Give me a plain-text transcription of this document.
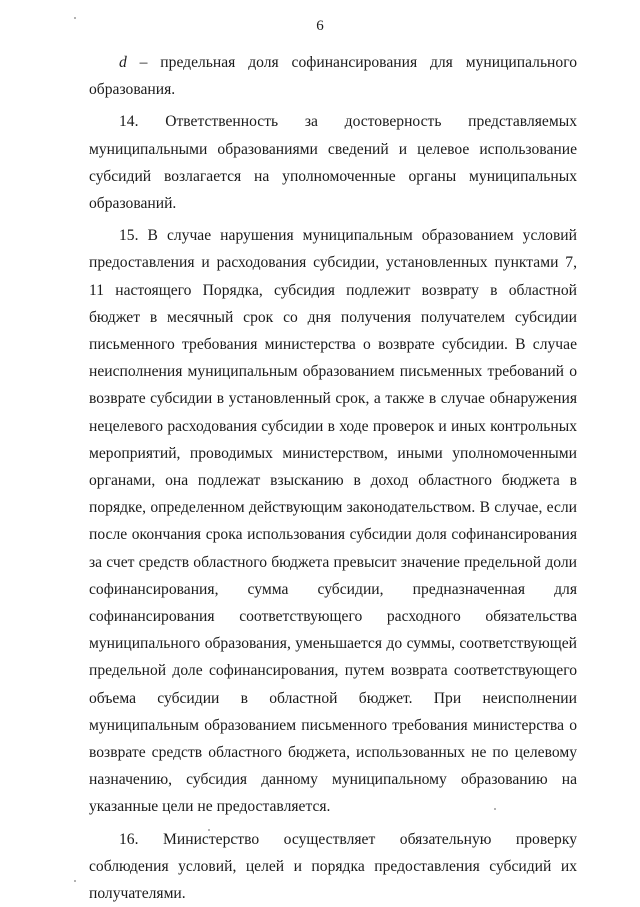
6

d – предельная доля софинансирования для муниципального образования.

14. Ответственность за достоверность представляемых муниципальными образованиями сведений и целевое использование субсидий возлагается на уполномоченные органы муниципальных образований.

15. В случае нарушения муниципальным образованием условий предоставления и расходования субсидии, установленных пунктами 7, 11 настоящего Порядка, субсидия подлежит возврату в областной бюджет в месячный срок со дня получения получателем субсидии письменного требования министерства о возврате субсидии. В случае неисполнения муниципальным образованием письменных требований о возврате субсидии в установленный срок, а также в случае обнаружения нецелевого расходования субсидии в ходе проверок и иных контрольных мероприятий, проводимых министерством, иными уполномоченными органами, она подлежат взысканию в доход областного бюджета в порядке, определенном действующим законодательством. В случае, если после окончания срока использования субсидии доля софинансирования за счет средств областного бюджета превысит значение предельной доли софинансирования, сумма субсидии, предназначенная для софинансирования соответствующего расходного обязательства муниципального образования, уменьшается до суммы, соответствующей предельной доле софинансирования, путем возврата соответствующего объема субсидии в областной бюджет. При неисполнении муниципальным образованием письменного требования министерства о возврате средств областного бюджета, использованных не по целевому назначению, субсидия данному муниципальному образованию на указанные цели не предоставляется.

16. Министерство осуществляет обязательную проверку соблюдения условий, целей и порядка предоставления субсидий их получателями.
